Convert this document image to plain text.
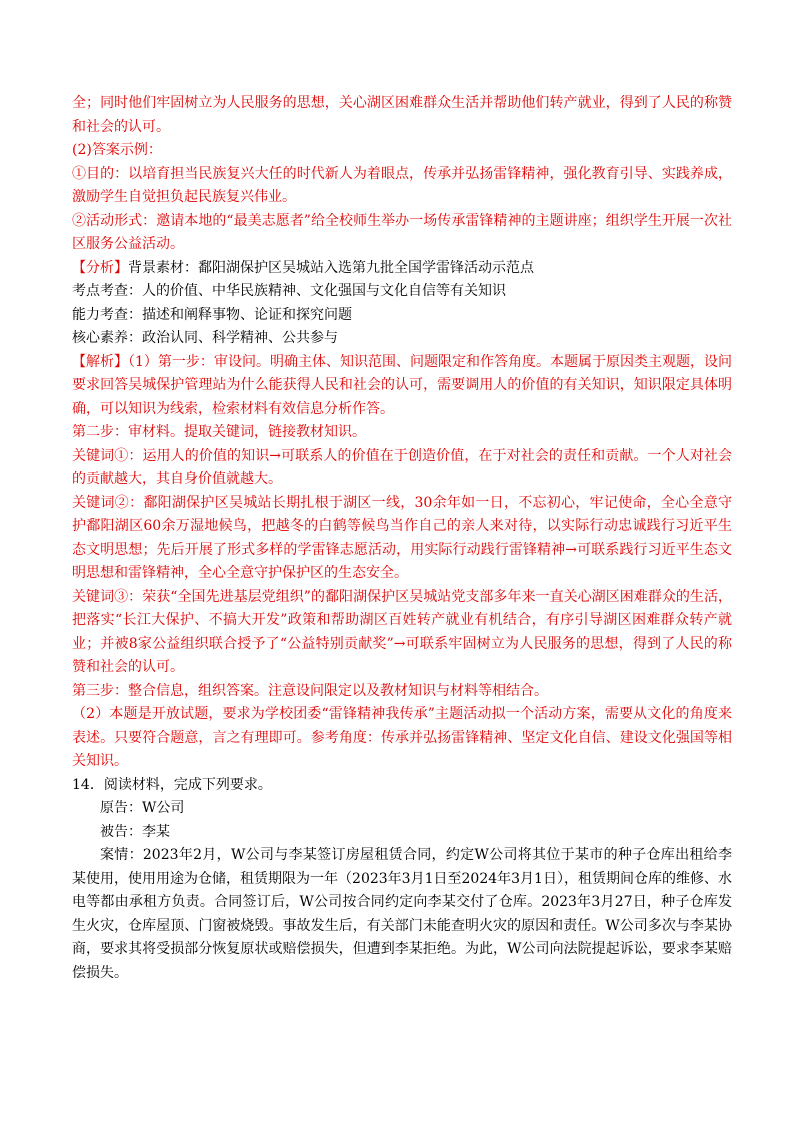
全；同时他们牢固树立为人民服务的思想，关心湖区困难群众生活并帮助他们转产就业，得到了人民的称赞和社会的认可。

(2)答案示例：

①目的：以培育担当民族复兴大任的时代新人为着眼点，传承并弘扬雷锋精神，强化教育引导、实践养成，激励学生自觉担负起民族复兴伟业。

②活动形式：邀请本地的“最美志愿者”给全校师生举办一场传承雷锋精神的主题讲座；组织学生开展一次社区服务公益活动。

【分析】背景素材：鄱阳湖保护区吴城站入选第九批全国学雷锋活动示范点

考点考查：人的价值、中华民族精神、文化强国与文化自信等有关知识

能力考查：描述和阐释事物、论证和探究问题

核心素养：政治认同、科学精神、公共参与

【解析】（1）第一步：审设问。明确主体、知识范围、问题限定和作答角度。本题属于原因类主观题，设问要求回答吴城保护管理站为什么能获得人民和社会的认可，需要调用人的价值的有关知识，知识限定具体明确，可以知识为线索，检索材料有效信息分析作答。

第二步：审材料。提取关键词，链接教材知识。

关键词①：运用人的价值的知识→可联系人的价值在于创造价值，在于对社会的责任和贡献。一个人对社会的贡献越大，其自身价值就越大。

关键词②：鄱阳湖保护区吴城站长期扎根于湖区一线，30余年如一日，不忘初心，牢记使命，全心全意守护鄱阳湖区60余万湿地候鸟，把越冬的白鹤等候鸟当作自己的亲人来对待，以实际行动忠诚践行习近平生态文明思想；先后开展了形式多样的学雷锋志愿活动，用实际行动践行雷锋精神→可联系践行习近平生态文明思想和雷锋精神，全心全意守护保护区的生态安全。

关键词③：荣获“全国先进基层党组织”的鄱阳湖保护区吴城站党支部多年来一直关心湖区困难群众的生活，把落实“长江大保护、不搞大开发”政策和帮助湖区百姓转产就业有机结合，有序引导湖区困难群众转产就业；并被8家公益组织联合授予了“公益特别贡献奖”→可联系牢固树立为人民服务的思想，得到了人民的称赞和社会的认可。

第三步：整合信息，组织答案。注意设问限定以及教材知识与材料等相结合。

（2）本题是开放试题，要求为学校团委“雷锋精神我传承”主题活动拟一个活动方案，需要从文化的角度来表述。只要符合题意，言之有理即可。参考角度：传承并弘扬雷锋精神、坚定文化自信、建设文化强国等相关知识。

14．阅读材料，完成下列要求。

原告：W公司

被告：李某

案情：2023年2月，W公司与李某签订房屋租赁合同，约定W公司将其位于某市的种子仓库出租给李某使用，使用用途为仓储，租赁期限为一年（2023年3月1日至2024年3月1日），租赁期间仓库的维修、水电等都由承租方负责。合同签订后，W公司按合同约定向李某交付了仓库。2023年3月27日，种子仓库发生火灾，仓库屋顶、门窗被烧毁。事故发生后，有关部门未能查明火灾的原因和责任。W公司多次与李某协商，要求其将受损部分恢复原状或赔偿损失，但遭到李某拒绝。为此，W公司向法院提起诉讼，要求李某赔偿损失。
